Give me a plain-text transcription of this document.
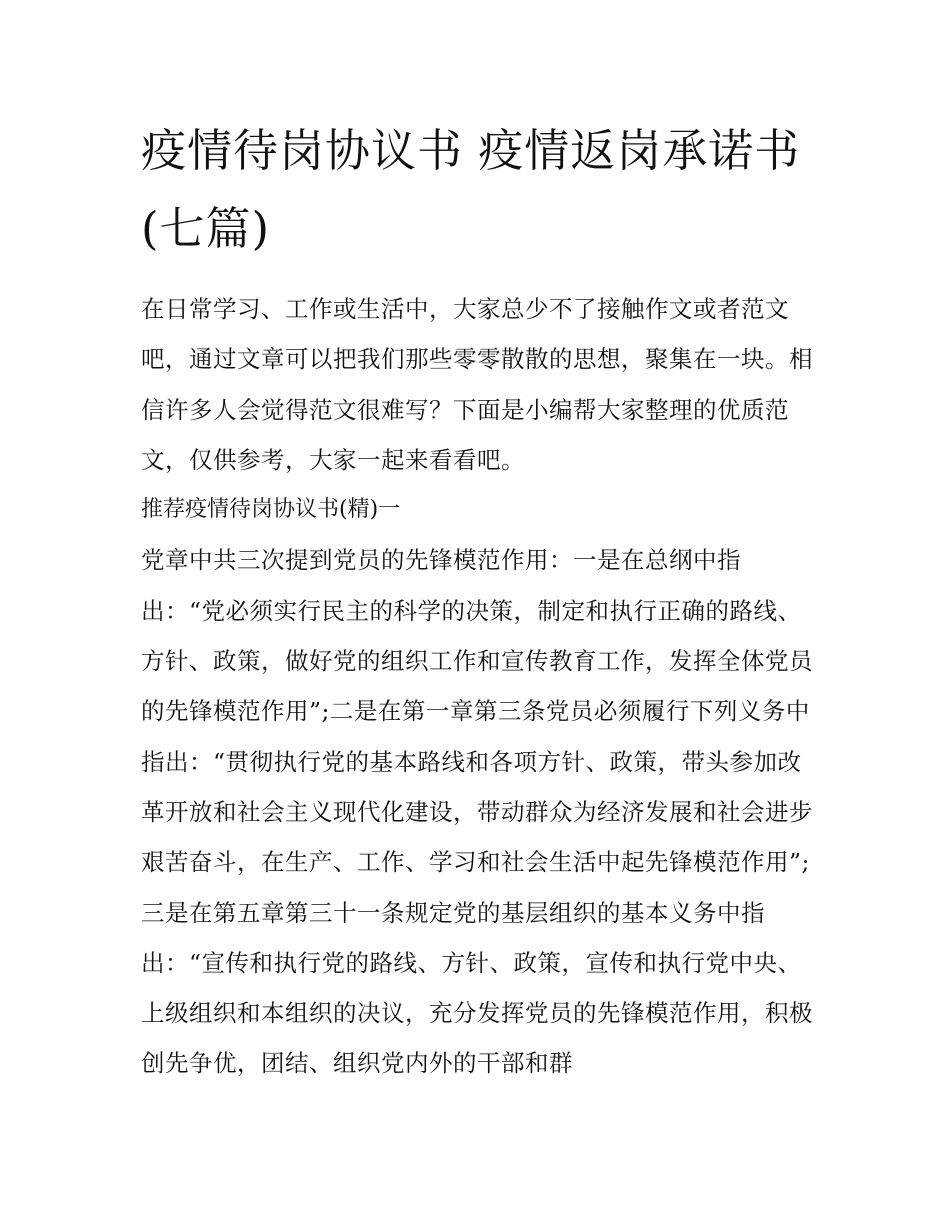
疫情待岗协议书 疫情返岗承诺书(七篇)

在日常学习、工作或生活中，大家总少不了接触作文或者范文吧，通过文章可以把我们那些零零散散的思想，聚集在一块。相信许多人会觉得范文很难写？下面是小编帮大家整理的优质范文，仅供参考，大家一起来看看吧。

推荐疫情待岗协议书(精)一

党章中共三次提到党员的先锋模范作用：一是在总纲中指出：“党必须实行民主的科学的决策，制定和执行正确的路线、方针、政策，做好党的组织工作和宣传教育工作，发挥全体党员的先锋模范作用”;二是在第一章第三条党员必须履行下列义务中指出：“贯彻执行党的基本路线和各项方针、政策，带头参加改革开放和社会主义现代化建设，带动群众为经济发展和社会进步艰苦奋斗，在生产、工作、学习和社会生活中起先锋模范作用”;三是在第五章第三十一条规定党的基层组织的基本义务中指出：“宣传和执行党的路线、方针、政策，宣传和执行党中央、上级组织和本组织的决议，充分发挥党员的先锋模范作用，积极创先争优，团结、组织党内外的干部和群
